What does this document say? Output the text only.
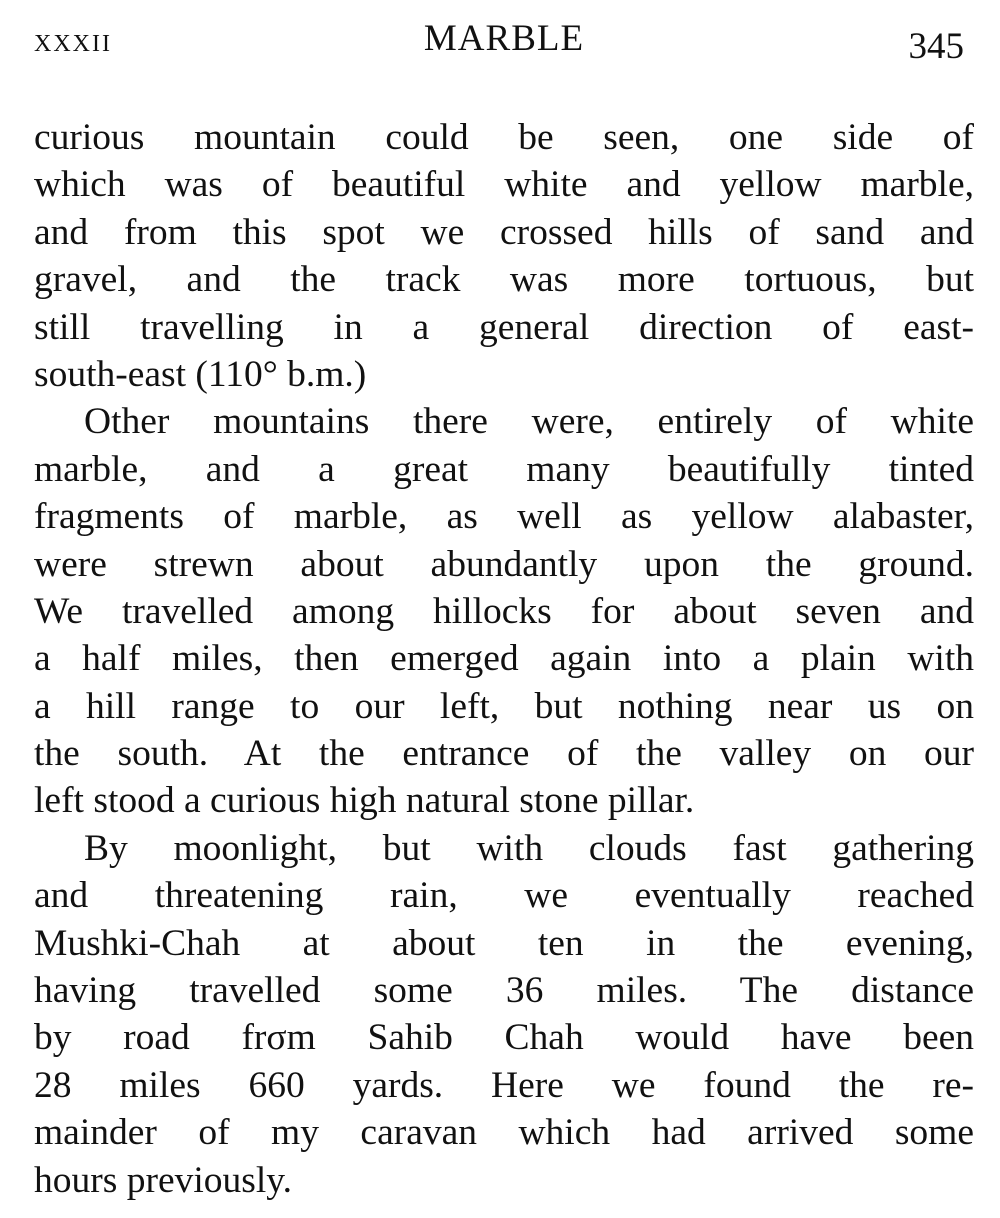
xxxii	MARBLE	345
curious mountain could be seen, one side of
which was of beautiful white and yellow marble,
and from this spot we crossed hills of sand and
gravel, and the track was more tortuous, but
still travelling in a general direction of east-
south-east (110° b.m.)
Other mountains there were, entirely of white
marble, and a great many beautifully tinted
fragments of marble, as well as yellow alabaster,
were strewn about abundantly upon the ground.
We travelled among hillocks for about seven and
a half miles, then emerged again into a plain with
a hill range to our left, but nothing near us on
the south. At the entrance of the valley on our
left stood a curious high natural stone pillar.
By moonlight, but with clouds fast gathering
and threatening rain, we eventually reached
Mushki-Chah at about ten in the evening,
having travelled some 36 miles. The distance
by road frσm Sahib Chah would have been
28 miles 660 yards. Here we found the re-
mainder of my caravan which had arrived some
hours previously.
